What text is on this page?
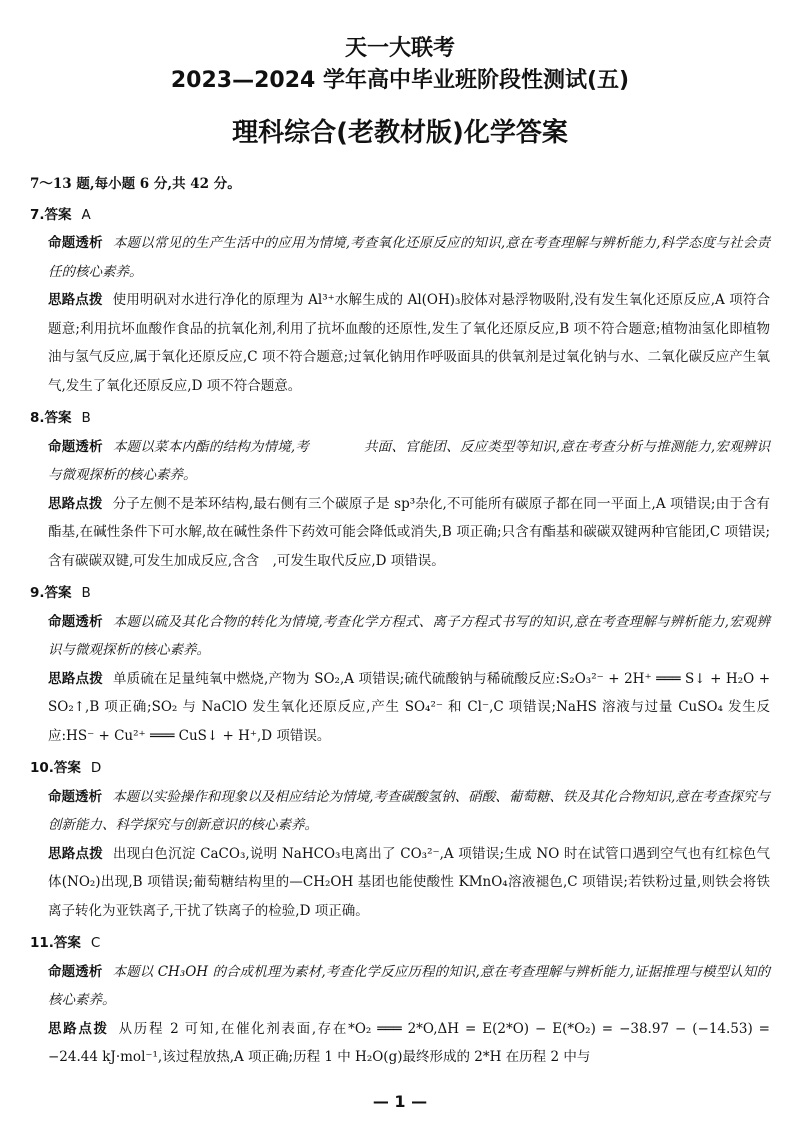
天一大联考
2023—2024 学年高中毕业班阶段性测试(五)
理科综合(老教材版)化学答案
7～13 题,每小题 6 分,共 42 分。
7.答案 A
命题透析 本题以常见的生产生活中的应用为情境,考查氧化还原反应的知识,意在考查理解与辨析能力,科学态度与社会责任的核心素养。
思路点拨 使用明矾对水进行净化的原理为 Al³⁺水解生成的 Al(OH)₃胶体对悬浮物吸附,没有发生氧化还原反应,A 项符合题意;利用抗坏血酸作食品的抗氧化剂,利用了抗坏血酸的还原性,发生了氧化还原反应,B 项不符合题意;植物油氢化即植物油与氢气反应,属于氧化还原反应,C 项不符合题意;过氧化钠用作呼吸面具的供氧剂是过氧化钠与水、二氧化碳反应产生氧气,发生了氧化还原反应,D 项不符合题意。
8.答案 B
命题透析 本题以菜本内酯的结构为情境,考　　　　共面、官能团、反应类型等知识,意在考查分析与推测能力,宏观辨识与微观探析的核心素养。
思路点拨 分子左侧不是苯环结构,最右侧有三个碳原子是 sp³杂化,不可能所有碳原子都在同一平面上,A 项错误;由于含有酯基,在碱性条件下可水解,故在碱性条件下药效可能会降低或消失,B 项正确;只含有酯基和碳碳双键两种官能团,C 项错误;含有碳碳双键,可发生加成反应,含含　,可发生取代反应,D 项错误。
9.答案 B
命题透析 本题以硫及其化合物的转化为情境,考查化学方程式、离子方程式书写的知识,意在考查理解与辨析能力,宏观辨识与微观探析的核心素养。
思路点拨 单质硫在足量纯氧中燃烧,产物为 SO₂,A 项错误;硫代硫酸钠与稀硫酸反应:S₂O₃²⁻ + 2H⁺ ═══ S↓ + H₂O + SO₂↑,B 项正确;SO₂ 与 NaClO 发生氧化还原反应,产生 SO₄²⁻ 和 Cl⁻,C 项错误;NaHS 溶液与过量 CuSO₄ 发生反应:HS⁻ + Cu²⁺ ═══ CuS↓ + H⁺,D 项错误。
10.答案 D
命题透析 本题以实验操作和现象以及相应结论为情境,考查碳酸氢钠、硝酸、葡萄糖、铁及其化合物知识,意在考查探究与创新能力、科学探究与创新意识的核心素养。
思路点拨 出现白色沉淀 CaCO₃,说明 NaHCO₃电离出了 CO₃²⁻,A 项错误;生成 NO 时在试管口遇到空气也有红棕色气体(NO₂)出现,B 项错误;葡萄糖结构里的—CH₂OH 基团也能使酸性 KMnO₄溶液褪色,C 项错误;若铁粉过量,则铁会将铁离子转化为亚铁离子,干扰了铁离子的检验,D 项正确。
11.答案 C
命题透析 本题以 CH₃OH 的合成机理为素材,考查化学反应历程的知识,意在考查理解与辨析能力,证据推理与模型认知的核心素养。
思路点拨 从历程 2 可知,在催化剂表面,存在*O₂ ═══ 2*O,ΔH = E(2*O) − E(*O₂) = −38.97 − (−14.53) = −24.44 kJ·mol⁻¹,该过程放热,A 项正确;历程 1 中 H₂O(g)最终形成的 2*H 在历程 2 中与
— 1 —
